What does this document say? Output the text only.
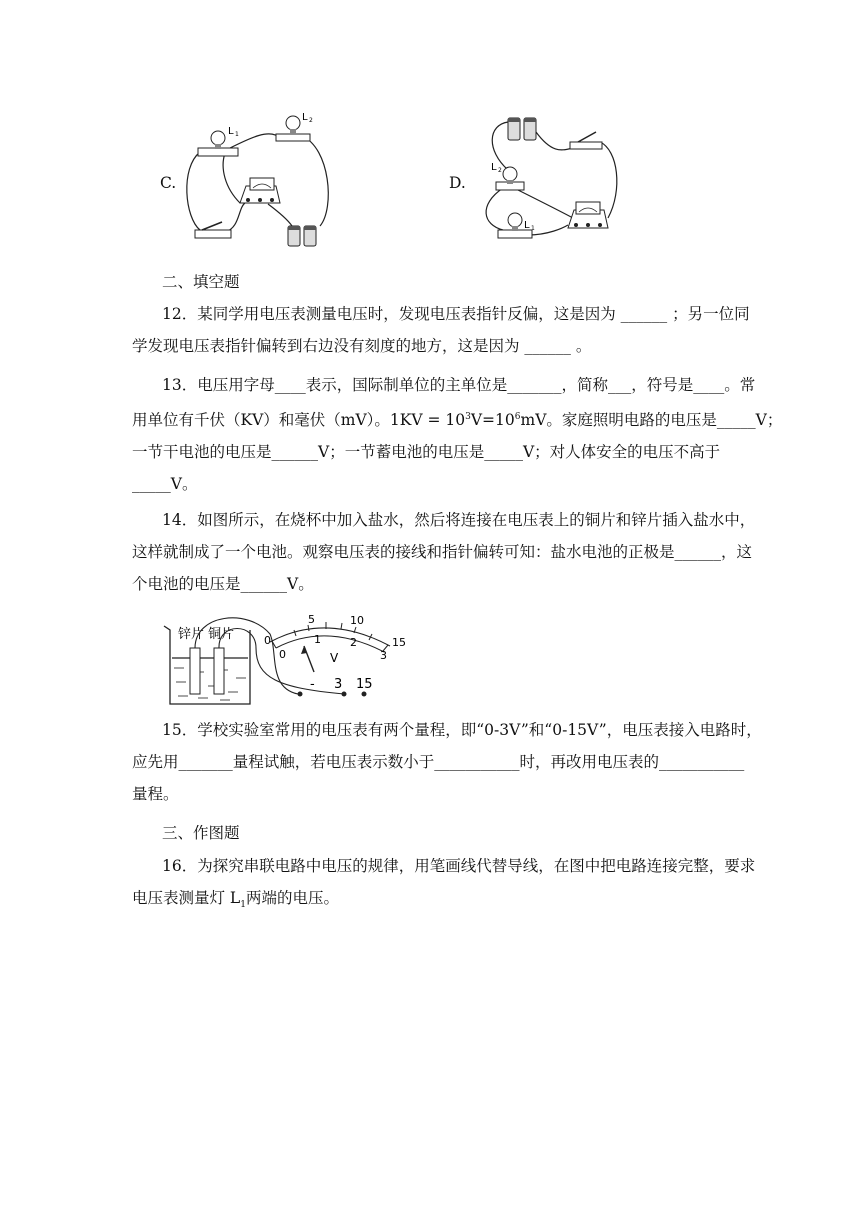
C.
L 1
L 2
D.
L 2
L 1
二、填空题
12．某同学用电压表测量电压时，发现电压表指针反偏，这是因为 ______ ；另一位同
学发现电压表指针偏转到右边没有刻度的地方，这是因为 ______ 。
13．电压用字母____表示，国际制单位的主单位是_______，简称___，符号是____。常
用单位有千伏（KV）和毫伏（mV）。$1KV = 10^3V=10^6mV$。家庭照明电路的电压是_____V；
一节干电池的电压是______V；一节蓄电池的电压是_____V；对人体安全的电压不高于
_____V。
14．如图所示，在烧杯中加入盐水，然后将连接在电压表上的铜片和锌片插入盐水中，
这样就制成了一个电池。观察电压表的接线和指针偏转可知：盐水电池的正极是______，这
个电池的电压是______V。
锌片 铜片	0
5	10
15
0
1	2
3
V
- 3 15
15．学校实验室常用的电压表有两个量程，即“0-3V”和“0-15V”，电压表接入电路时，
应先用_______量程试触，若电压表示数小于___________时，再改用电压表的___________
量程。
三、作图题
16．为探究串联电路中电压的规律，用笔画线代替导线，在图中把电路连接完整，要求
电压表测量灯 $L_1$两端的电压。
